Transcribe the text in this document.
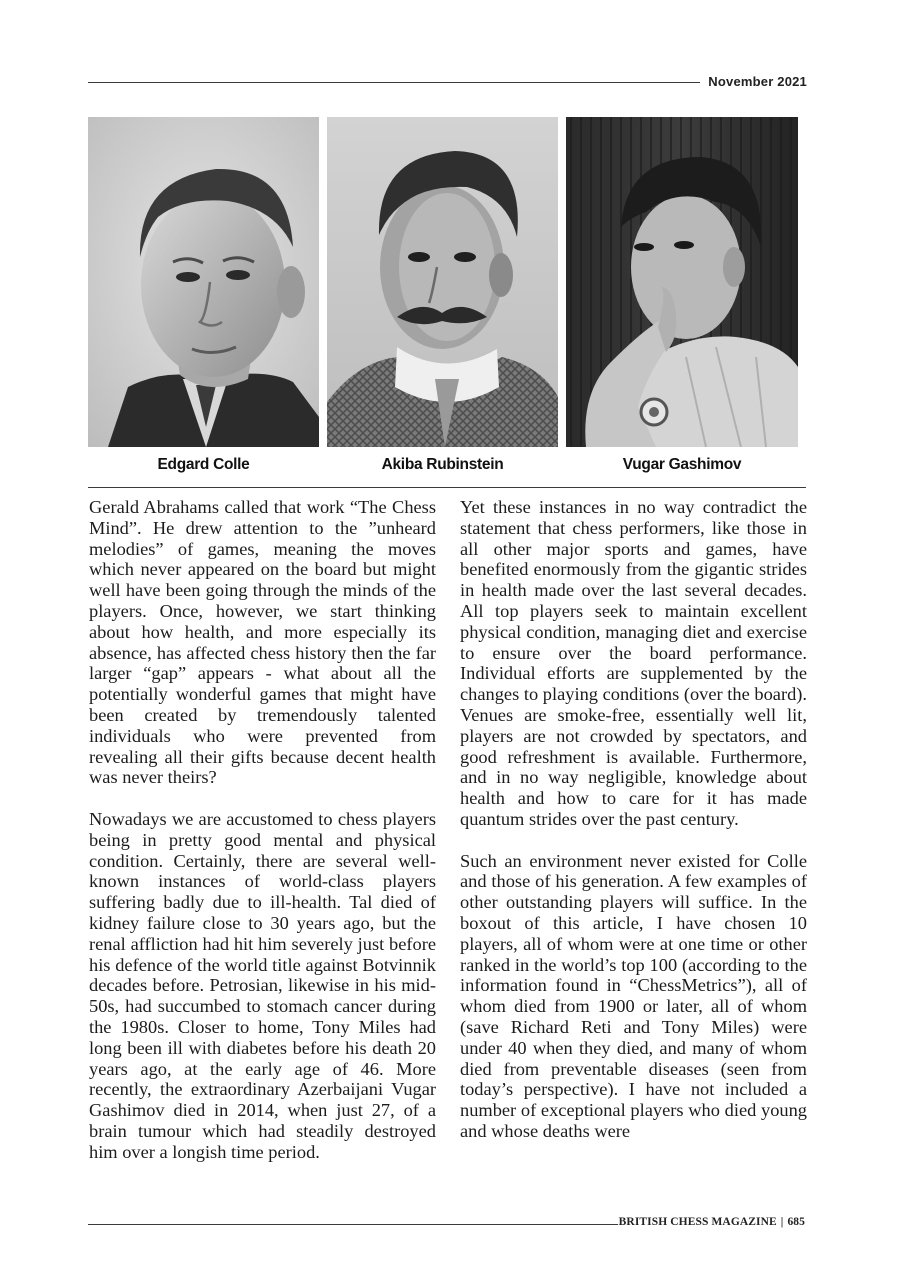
November 2021
Edgard Colle	Akiba Rubinstein	Vugar Gashimov

Gerald Abrahams called that work “The Chess Mind”. He drew attention to the ”unheard melodies” of games, meaning the moves which never appeared on the board but might well have been going through the minds of the players. Once, however, we start thinking about how health, and more especially its absence, has affected chess history then the far larger “gap” appears - what about all the potentially wonderful games that might have been created by tremendously talented individuals who were prevented from revealing all their gifts because decent health was never theirs?

Nowadays we are accustomed to chess players being in pretty good mental and physical condition. Certainly, there are several well-known instances of world-class players suffering badly due to ill-health. Tal died of kidney failure close to 30 years ago, but the renal affliction had hit him severely just before his defence of the world title against Botvinnik decades before. Petrosian, likewise in his mid-50s, had succumbed to stomach cancer during the 1980s. Closer to home, Tony Miles had long been ill with diabetes before his death 20 years ago, at the early age of 46. More recently, the extraordinary Azerbaijani Vugar Gashimov died in 2014, when just 27, of a brain tumour which had steadily destroyed him over a longish time period.

Yet these instances in no way contradict the statement that chess performers, like those in all other major sports and games, have benefited enormously from the gigantic strides in health made over the last several decades. All top players seek to maintain excellent physical condition, managing diet and exercise to ensure over the board performance. Individual efforts are supplemented by the changes to playing conditions (over the board). Venues are smoke-free, essentially well lit, players are not crowded by spectators, and good refreshment is available. Furthermore, and in no way negligible, knowledge about health and how to care for it has made quantum strides over the past century.

Such an environment never existed for Colle and those of his generation. A few examples of other outstanding players will suffice. In the boxout of this article, I have chosen 10 players, all of whom were at one time or other ranked in the world’s top 100 (according to the information found in “ChessMetrics”), all of whom died from 1900 or later, all of whom (save Richard Reti and Tony Miles) were under 40 when they died, and many of whom died from preventable diseases (seen from today’s perspective). I have not included a number of exceptional players who died young and whose deaths were

BRITISH CHESS MAGAZINE | 685
